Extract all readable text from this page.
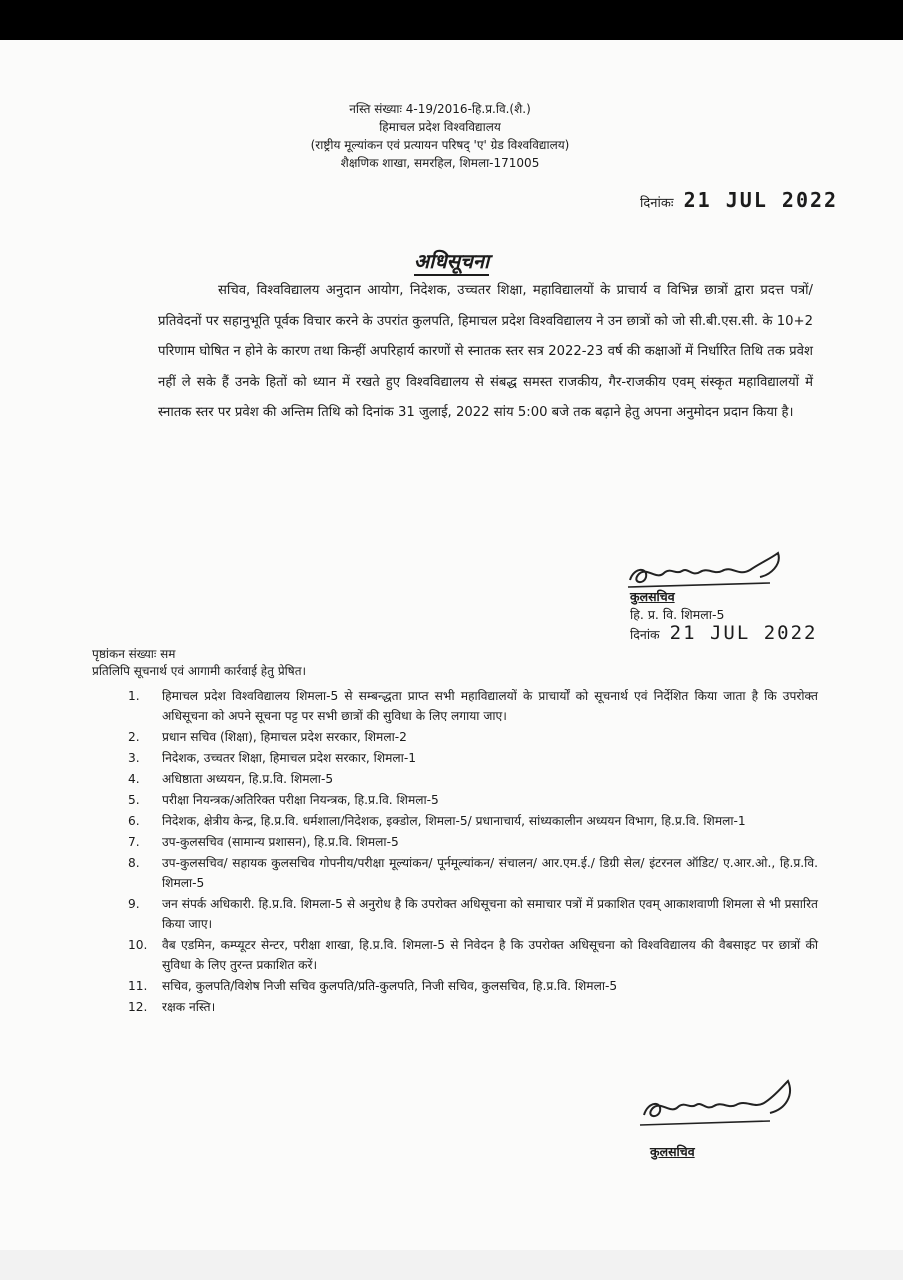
नस्ति संख्याः 4-19/2016-हि.प्र.वि.(शै.)
हिमाचल प्रदेश विश्वविद्यालय
(राष्ट्रीय मूल्यांकन एवं प्रत्यायन परिषद् 'ए' ग्रेड विश्वविद्यालय)
शैक्षणिक शाखा, समरहिल, शिमला-171005
दिनांकः 21 JUL 2022
अधिसूचना
सचिव, विश्वविद्यालय अनुदान आयोग, निदेशक, उच्चतर शिक्षा, महाविद्यालयों के प्राचार्य व विभिन्न छात्रों द्वारा प्रदत्त पत्रों/ प्रतिवेदनों पर सहानुभूति पूर्वक विचार करने के उपरांत कुलपति, हिमाचल प्रदेश विश्वविद्यालय ने उन छात्रों को जो सी.बी.एस.सी. के 10+2 परिणाम घोषित न होने के कारण तथा किन्हीं अपरिहार्य कारणों से स्नातक स्तर सत्र 2022-23 वर्ष की कक्षाओं में निर्धारित तिथि तक प्रवेश नहीं ले सके हैं उनके हितों को ध्यान में रखते हुए विश्वविद्यालय से संबद्ध समस्त राजकीय, गैर-राजकीय एवम् संस्कृत महाविद्यालयों में स्नातक स्तर पर प्रवेश की अन्तिम तिथि को दिनांक 31 जुलाई, 2022 सांय 5:00 बजे तक बढ़ाने हेतु अपना अनुमोदन प्रदान किया है।
कुलसचिव
हि. प्र. वि. शिमला-5
दिनांक 21 JUL 2022
पृष्ठांकन संख्याः सम
प्रतिलिपि सूचनार्थ एवं आगामी कार्रवाई हेतु प्रेषित।
1. हिमाचल प्रदेश विश्वविद्यालय शिमला-5 से सम्बन्द्धता प्राप्त सभी महाविद्यालयों के प्राचार्यों को सूचनार्थ एवं निर्देशित किया जाता है कि उपरोक्त अधिसूचना को अपने सूचना पट्ट पर सभी छात्रों की सुविधा के लिए लगाया जाए।
2. प्रधान सचिव (शिक्षा), हिमाचल प्रदेश सरकार, शिमला-2
3. निदेशक, उच्चतर शिक्षा, हिमाचल प्रदेश सरकार, शिमला-1
4. अधिष्ठाता अध्ययन, हि.प्र.वि. शिमला-5
5. परीक्षा नियन्त्रक/अतिरिक्त परीक्षा नियन्त्रक, हि.प्र.वि. शिमला-5
6. निदेशक, क्षेत्रीय केन्द्र, हि.प्र.वि. धर्मशाला/निदेशक, इक्डोल, शिमला-5/ प्रधानाचार्य, सांध्यकालीन अध्ययन विभाग, हि.प्र.वि. शिमला-1
7. उप-कुलसचिव (सामान्य प्रशासन), हि.प्र.वि. शिमला-5
8. उप-कुलसचिव/ सहायक कुलसचिव गोपनीय/परीक्षा मूल्यांकन/ पूर्नमूल्यांकन/ संचालन/ आर.एम.ई./ डिग्री सेल/ इंटरनल ऑडिट/ ए.आर.ओ., हि.प्र.वि. शिमला-5
9. जन संपर्क अधिकारी. हि.प्र.वि. शिमला-5 से अनुरोध है कि उपरोक्त अधिसूचना को समाचार पत्रों में प्रकाशित एवम् आकाशवाणी शिमला से भी प्रसारित किया जाए।
10. वैब एडमिन, कम्प्यूटर सेन्टर, परीक्षा शाखा, हि.प्र.वि. शिमला-5 से निवेदन है कि उपरोक्त अधिसूचना को विश्वविद्यालय की वैबसाइट पर छात्रों की सुविधा के लिए तुरन्त प्रकाशित करें।
11. सचिव, कुलपति/विशेष निजी सचिव कुलपति/प्रति-कुलपति, निजी सचिव, कुलसचिव, हि.प्र.वि. शिमला-5
12. रक्षक नस्ति।
कुलसचिव
